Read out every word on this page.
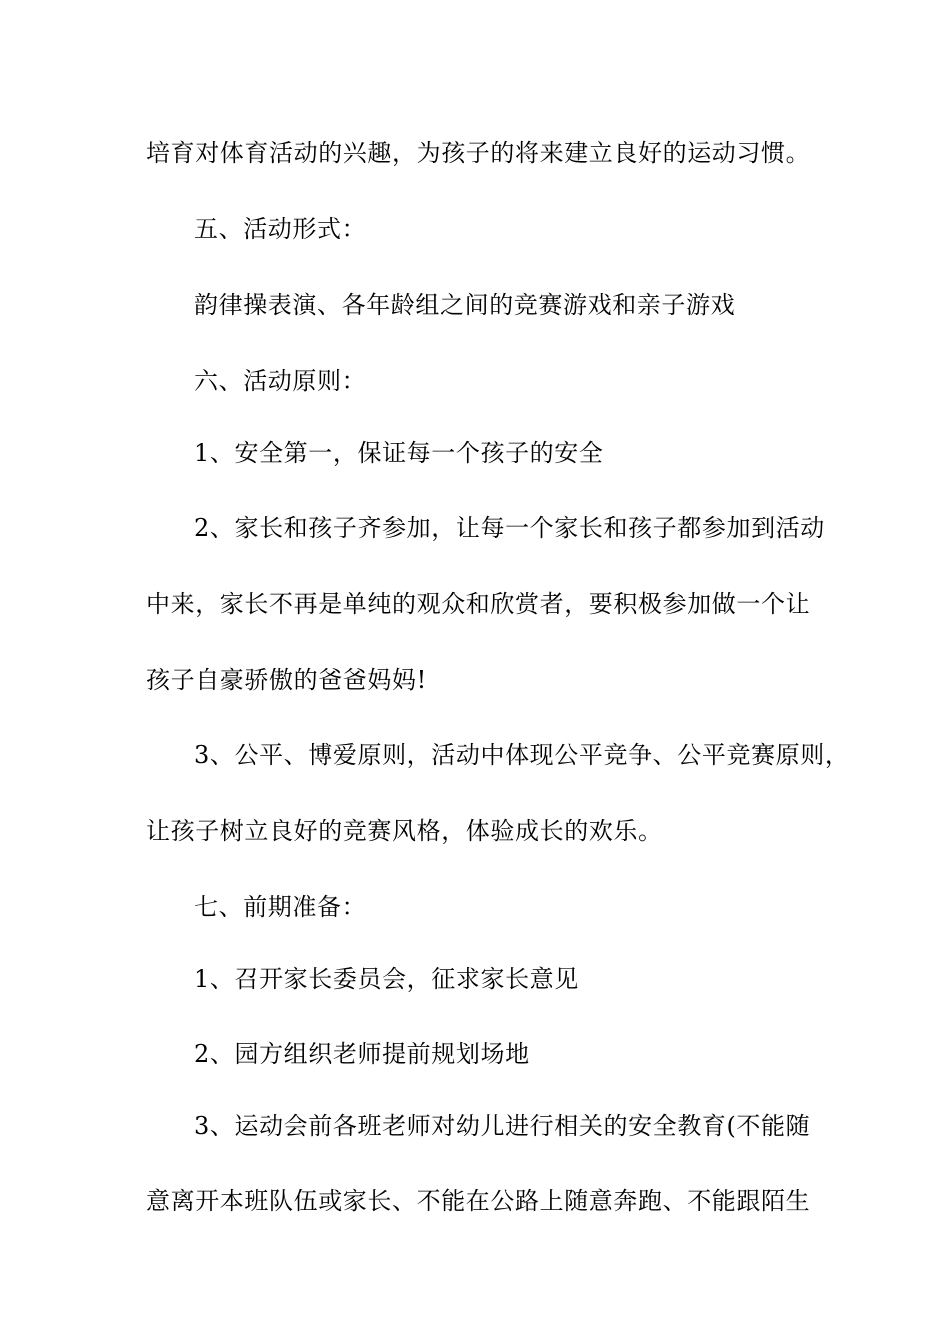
培育对体育活动的兴趣，为孩子的将来建立良好的运动习惯。
五、活动形式：
韵律操表演、各年龄组之间的竞赛游戏和亲子游戏
六、活动原则：
1、安全第一，保证每一个孩子的安全
2、家长和孩子齐参加，让每一个家长和孩子都参加到活动
中来，家长不再是单纯的观众和欣赏者，要积极参加做一个让
孩子自豪骄傲的爸爸妈妈!
3、公平、博爱原则，活动中体现公平竞争、公平竞赛原则，
让孩子树立良好的竞赛风格，体验成长的欢乐。
七、前期准备：
1、召开家长委员会，征求家长意见
2、园方组织老师提前规划场地
3、运动会前各班老师对幼儿进行相关的安全教育(不能随
意离开本班队伍或家长、不能在公路上随意奔跑、不能跟陌生
